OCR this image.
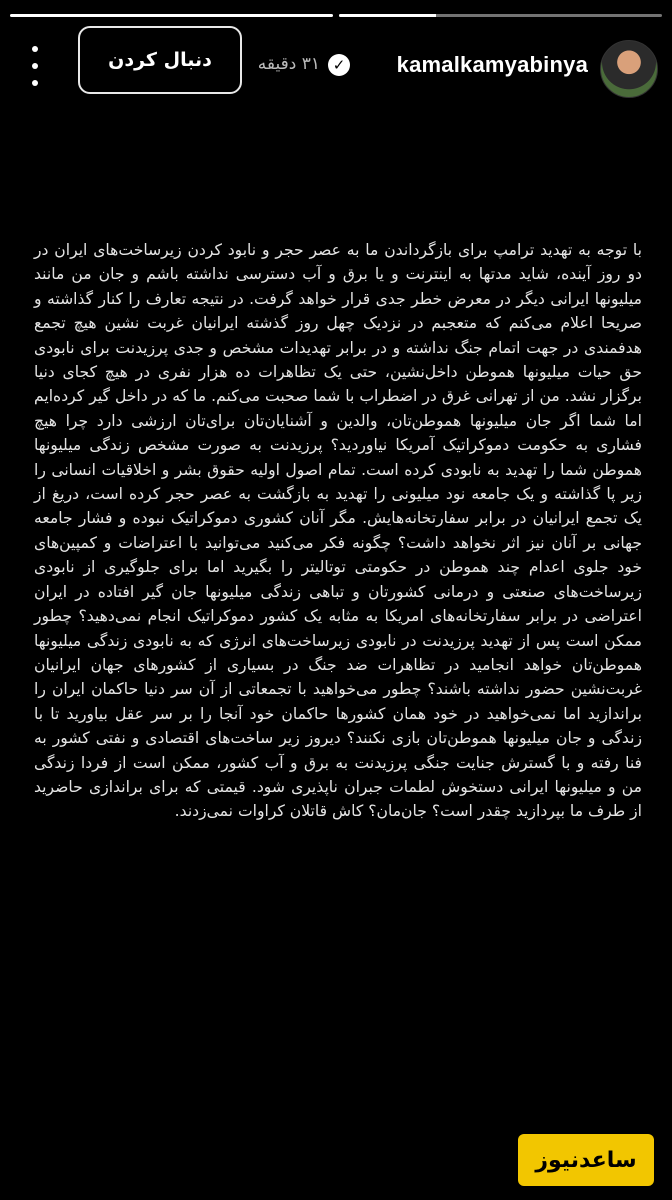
kamalkamyabinya
✓
۳۱ دقیقه
دنبال کردن
با توجه به تهدید ترامپ برای بازگرداندن ما به عصر حجر و نابود کردن زیرساخت‌های ایران در دو روز آینده، شاید مدتها به اینترنت و یا برق و آب دسترسی نداشته باشم و جان من مانند میلیونها ایرانی دیگر در معرض خطر جدی قرار خواهد گرفت. در نتیجه تعارف را کنار گذاشته و صریحا اعلام می‌کنم که متعجبم در نزدیک چهل روز گذشته ایرانیان غربت نشین هیچ تجمع هدفمندی در جهت اتمام جنگ نداشته و در برابر تهدیدات مشخص و جدی پرزیدنت برای نابودی حق حیات میلیونها هموطن داخل‌نشین، حتی یک تظاهرات ده هزار نفری در هیچ کجای دنیا برگزار نشد. من از تهرانی غرق در اضطراب با شما صحبت می‌کنم. ما که در داخل گیر کرده‌ایم اما شما اگر جان میلیونها هموطن‌تان، والدین و آشنایان‌تان برای‌تان ارزشی دارد چرا هیچ فشاری به حکومت دموکراتیک آمریکا نیاوردید؟ پرزیدنت به صورت مشخص زندگی میلیونها هموطن شما را تهدید به نابودی کرده است. تمام اصول اولیه حقوق بشر و اخلاقیات انسانی را زیر پا گذاشته و یک جامعه نود میلیونی را تهدید به بازگشت به عصر حجر کرده است، دریغ از یک تجمع ایرانیان در برابر سفارتخانه‌هایش. مگر آنان کشوری دموکراتیک نبوده و فشار جامعه جهانی بر آنان نیز اثر نخواهد داشت؟ چگونه فکر می‌کنید می‌توانید با اعتراضات و کمپین‌های خود جلوی اعدام چند هموطن در حکومتی توتالیتر را بگیرید اما برای جلوگیری از نابودی زیرساخت‌های صنعتی و درمانی کشورتان و تباهی زندگی میلیونها جان گیر افتاده در ایران اعتراضی در برابر سفارتخانه‌های امریکا به مثابه یک کشور دموکراتیک انجام نمی‌دهید؟ چطور ممکن است پس از تهدید پرزیدنت در نابودی زیرساخت‌های انرژی که به نابودی زندگی میلیونها هموطن‌تان خواهد انجامید در تظاهرات ضد جنگ در بسیاری از کشورهای جهان ایرانیان غربت‌نشین حضور نداشته باشند؟ چطور می‌خواهید با تجمعاتی از آن سر دنیا حاکمان ایران را براندازید اما نمی‌خواهید در خود همان کشورها حاکمان خود آنجا را بر سر عقل بیاورید تا با زندگی و جان میلیونها هموطن‌تان بازی نکنند؟ دیروز زیر ساخت‌های اقتصادی و نفتی کشور به فنا رفته و با گسترش جنایت جنگی پرزیدنت به برق و آب کشور، ممکن است از فردا زندگی من و میلیونها ایرانی دستخوش لطمات جبران ناپذیری شود. قیمتی که برای براندازی حاضرید از طرف ما بپردازید چقدر است؟ جان‌مان؟ کاش قاتلان کراوات نمی‌زدند.
ساعدنیوز
